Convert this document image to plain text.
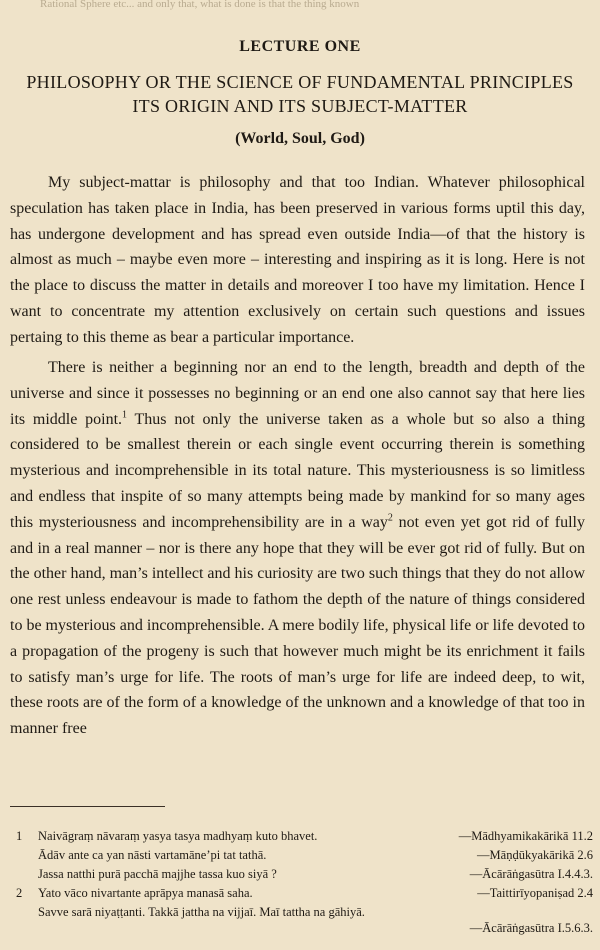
Rational Sphere etc... and only that, what is done is that the thing known
LECTURE ONE
PHILOSOPHY OR THE SCIENCE OF FUNDAMENTAL PRINCIPLES
ITS ORIGIN AND ITS SUBJECT-MATTER
(World, Soul, God)

My subject-mattar is philosophy and that too Indian. Whatever philosophical speculation has taken place in India, has been preserved in various forms uptil this day, has undergone development and has spread even outside India—of that the history is almost as much – maybe even more – interesting and inspiring as it is long. Here is not the place to discuss the matter in details and moreover I too have my limitation. Hence I want to concentrate my attention exclusively on certain such questions and issues pertaing to this theme as bear a particular importance.

There is neither a beginning nor an end to the length, breadth and depth of the universe and since it possesses no beginning or an end one also cannot say that here lies its middle point.$^1$ Thus not only the universe taken as a whole but so also a thing considered to be smallest therein or each single event occurring therein is something mysterious and incomprehensible in its total nature. This mysteriousness is so limitless and endless that inspite of so many attempts being made by mankind for so many ages this mysteriousness and incomprehensibility are in a way$^2$ not even yet got rid of fully and in a real manner – nor is there any hope that they will be ever got rid of fully. But on the other hand, man’s intellect and his curiosity are two such things that they do not allow one rest unless endeavour is made to fathom the depth of the nature of things considered to be mysterious and incomprehensible. A mere bodily life, physical life or life devoted to a propagation of the progeny is such that however much might be its enrichment it fails to satisfy man’s urge for life. The roots of man’s urge for life are indeed deep, to wit, these roots are of the form of a knowledge of the unknown and a knowledge of that too in manner free

1	Naivāgraṃ nāvaraṃ yasya tasya madhyaṃ kuto bhavet.	—Mādhyamikakārikā 11.2
Ādāv ante ca yan nāsti vartamāne’pi tat tathā.	—Māṇḍūkyakārikā 2.6
Jassa natthi purā pacchā majjhe tassa kuo siyā ?	—Ācārāṅgasūtra I.4.4.3.
2	Yato vāco nivartante aprāpya manasā saha.	—Taittirīyopaniṣad 2.4
Savve sarā niyaṭṭanti. Takkā jattha na vijjaī. Maī tattha na gāhiyā.
—Ācārāṅgasūtra I.5.6.3.
